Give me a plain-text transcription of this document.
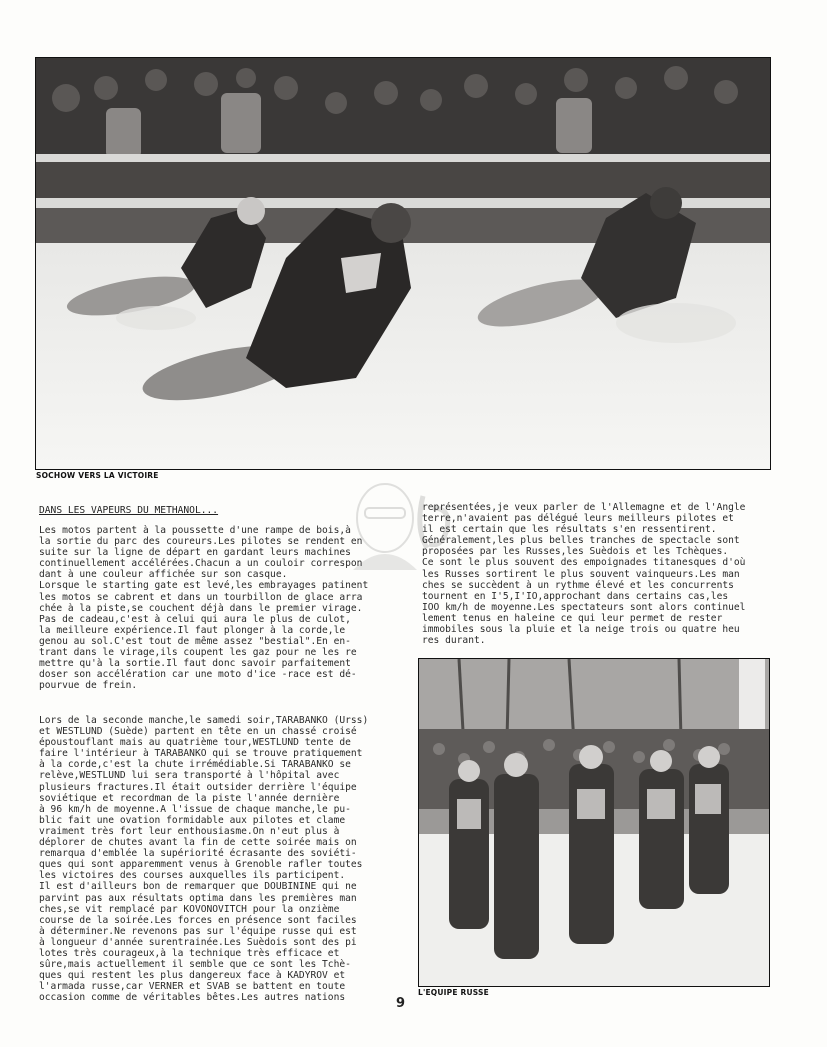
SOCHOW VERS LA VICTOIRE
DANS LES VAPEURS DU METHANOL...
Les motos partent à la poussette d'une rampe de bois,à
la sortie du parc des coureurs.Les pilotes se rendent en
suite sur la ligne de départ en gardant leurs machines
continuellement accélérées.Chacun a un couloir correspon
dant à une couleur affichée sur son casque.
Lorsque le starting gate est levé,les embrayages patinent
les motos se cabrent et dans un tourbillon de glace arra
chée à la piste,se couchent déjà dans le premier virage.
Pas de cadeau,c'est à celui qui aura le plus de culot,
la meilleure expérience.Il faut plonger à la corde,le
genou au sol.C'est tout de même assez "bestial".En en-
trant dans le virage,ils coupent les gaz pour ne les re
mettre qu'à la sortie.Il faut donc savoir parfaitement
doser son accélération car une moto d'ice -race est dé-
pourvue de frein.
Lors de la seconde manche,le samedi soir,TARABANKO (Urss)
et WESTLUND (Suède) partent en tête en un chassé croisé
époustouflant mais au quatrième tour,WESTLUND tente de
faire l'intérieur à TARABANKO qui se trouve pratiquement
à la corde,c'est la chute irrémédiable.Si TARABANKO se
relève,WESTLUND lui sera transporté à l'hôpital avec
plusieurs fractures.Il était outsider derrière l'équipe
soviétique et recordman de la piste l'année dernière
à 96 km/h de moyenne.A l'issue de chaque manche,le pu-
blic fait une ovation formidable aux pilotes et clame
vraiment très fort leur enthousiasme.On n'eut plus à
déplorer de chutes avant la fin de cette soirée mais on
remarqua d'emblée la supériorité écrasante des soviéti-
ques qui sont apparemment venus à Grenoble rafler toutes
les victoires des courses auxquelles ils participent.
Il est d'ailleurs bon de remarquer que DOUBININE qui ne
parvint pas aux résultats optima dans les premières man
ches,se vit remplacé par KOVONOVITCH pour la onzième
course de la soirée.Les forces en présence sont faciles
à déterminer.Ne revenons pas sur l'équipe russe qui est
à longueur d'année surentrainée.Les Suèdois sont des pi
lotes très courageux,à la technique très efficace et
sûre,mais actuellement il semble que ce sont les Tchè-
ques qui restent les plus dangereux face à KADYROV et
l'armada russe,car VERNER et SVAB se battent en toute
occasion comme de véritables bêtes.Les autres nations
représentées,je veux parler de l'Allemagne et de l'Angle
terre,n'avaient pas délégué leurs meilleurs pilotes et
il est certain que les résultats s'en ressentirent.
Généralement,les plus belles tranches de spectacle sont
proposées par les Russes,les Suèdois et les Tchèques.
Ce sont le plus souvent des empoignades titanesques d'où
les Russes sortirent le plus souvent vainqueurs.Les man
ches se succèdent à un rythme élevé et les concurrents
tournent en I'5,I'IO,approchant dans certains cas,les
IOO km/h de moyenne.Les spectateurs sont alors continuel
lement tenus en haleine ce qui leur permet de rester
immobiles sous la pluie et la neige trois ou quatre heu
res durant.
L'EQUIPE RUSSE
9
